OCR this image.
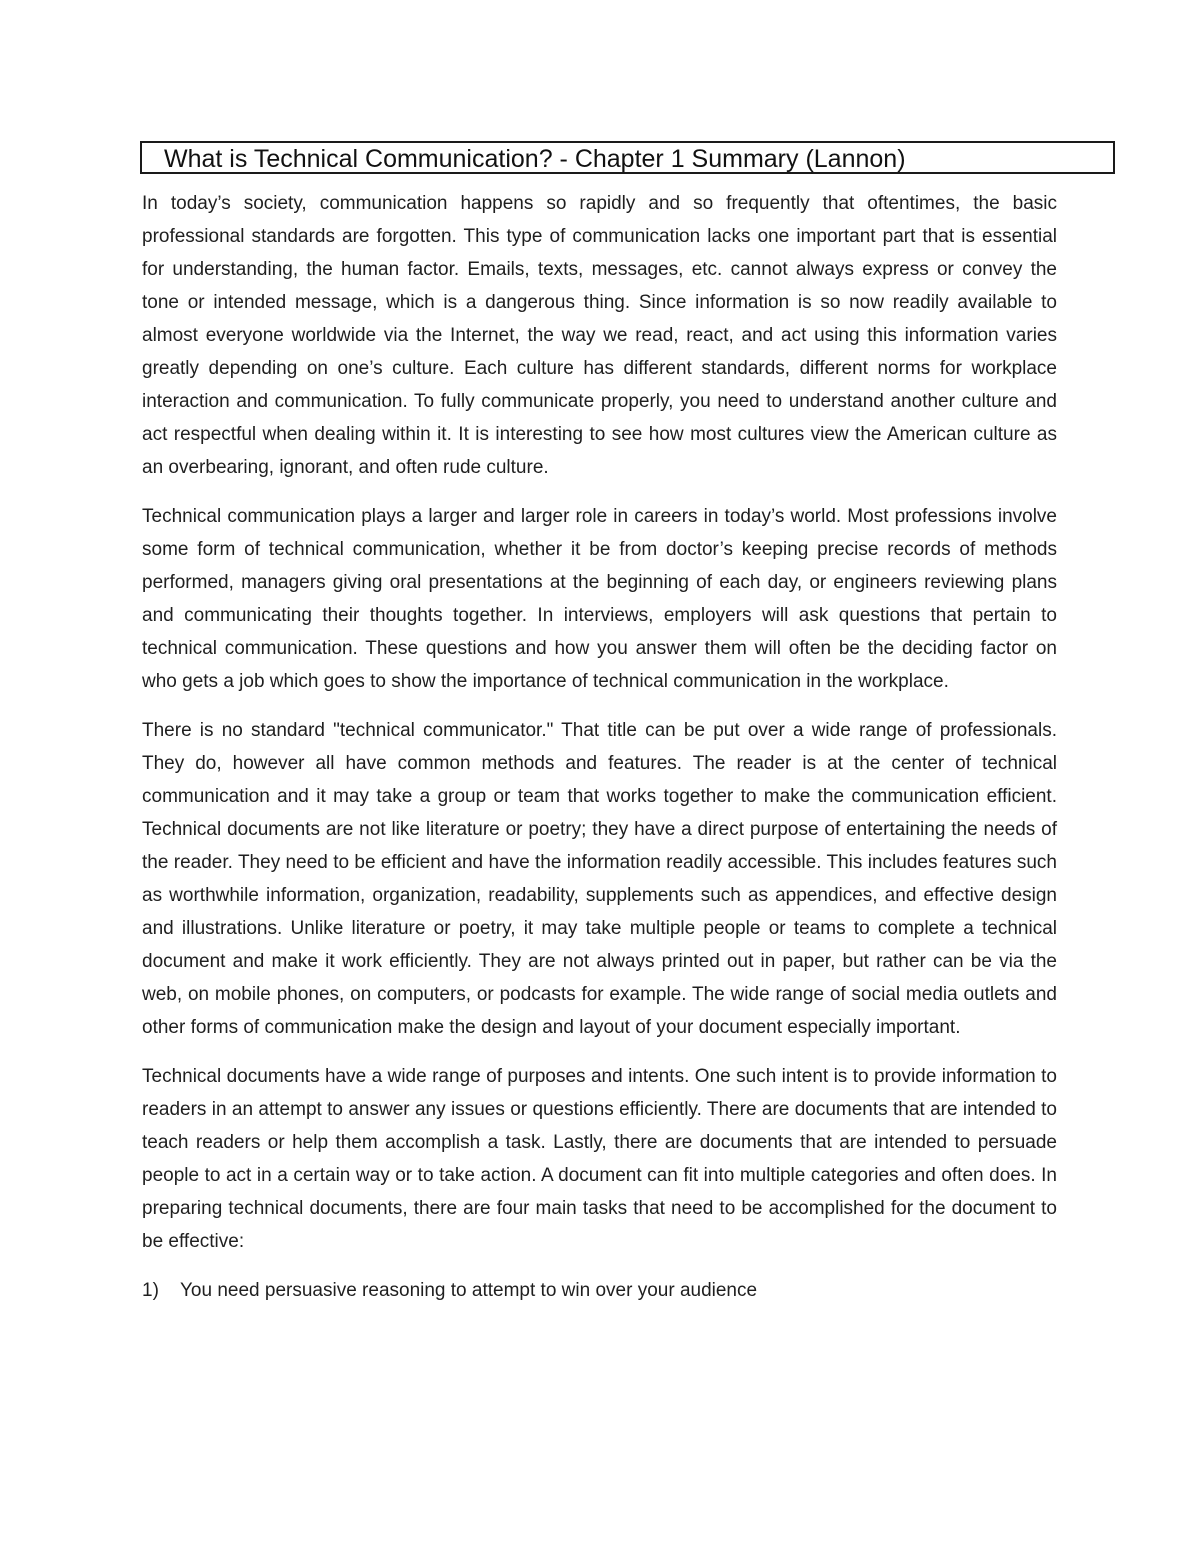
What is Technical Communication? - Chapter 1 Summary (Lannon)

In today’s society, communication happens so rapidly and so frequently that oftentimes, the basic professional standards are forgotten. This type of communication lacks one important part that is essential for understanding, the human factor. Emails, texts, messages, etc. cannot always express or convey the tone or intended message, which is a dangerous thing. Since information is so now readily available to almost everyone worldwide via the Internet, the way we read, react, and act using this information varies greatly depending on one’s culture. Each culture has different standards, different norms for workplace interaction and communication. To fully communicate properly, you need to understand another culture and act respectful when dealing within it. It is interesting to see how most cultures view the American culture as an overbearing, ignorant, and often rude culture.

Technical communication plays a larger and larger role in careers in today’s world. Most professions involve some form of technical communication, whether it be from doctor’s keeping precise records of methods performed, managers giving oral presentations at the beginning of each day, or engineers reviewing plans and communicating their thoughts together. In interviews, employers will ask questions that pertain to technical communication. These questions and how you answer them will often be the deciding factor on who gets a job which goes to show the importance of technical communication in the workplace.

There is no standard "technical communicator." That title can be put over a wide range of professionals. They do, however all have common methods and features. The reader is at the center of technical communication and it may take a group or team that works together to make the communication efficient. Technical documents are not like literature or poetry; they have a direct purpose of entertaining the needs of the reader. They need to be efficient and have the information readily accessible. This includes features such as worthwhile information, organization, readability, supplements such as appendices, and effective design and illustrations. Unlike literature or poetry, it may take multiple people or teams to complete a technical document and make it work efficiently. They are not always printed out in paper, but rather can be via the web, on mobile phones, on computers, or podcasts for example. The wide range of social media outlets and other forms of communication make the design and layout of your document especially important.

Technical documents have a wide range of purposes and intents. One such intent is to provide information to readers in an attempt to answer any issues or questions efficiently. There are documents that are intended to teach readers or help them accomplish a task. Lastly, there are documents that are intended to persuade people to act in a certain way or to take action. A document can fit into multiple categories and often does. In preparing technical documents, there are four main tasks that need to be accomplished for the document to be effective:

1)	You need persuasive reasoning to attempt to win over your audience
